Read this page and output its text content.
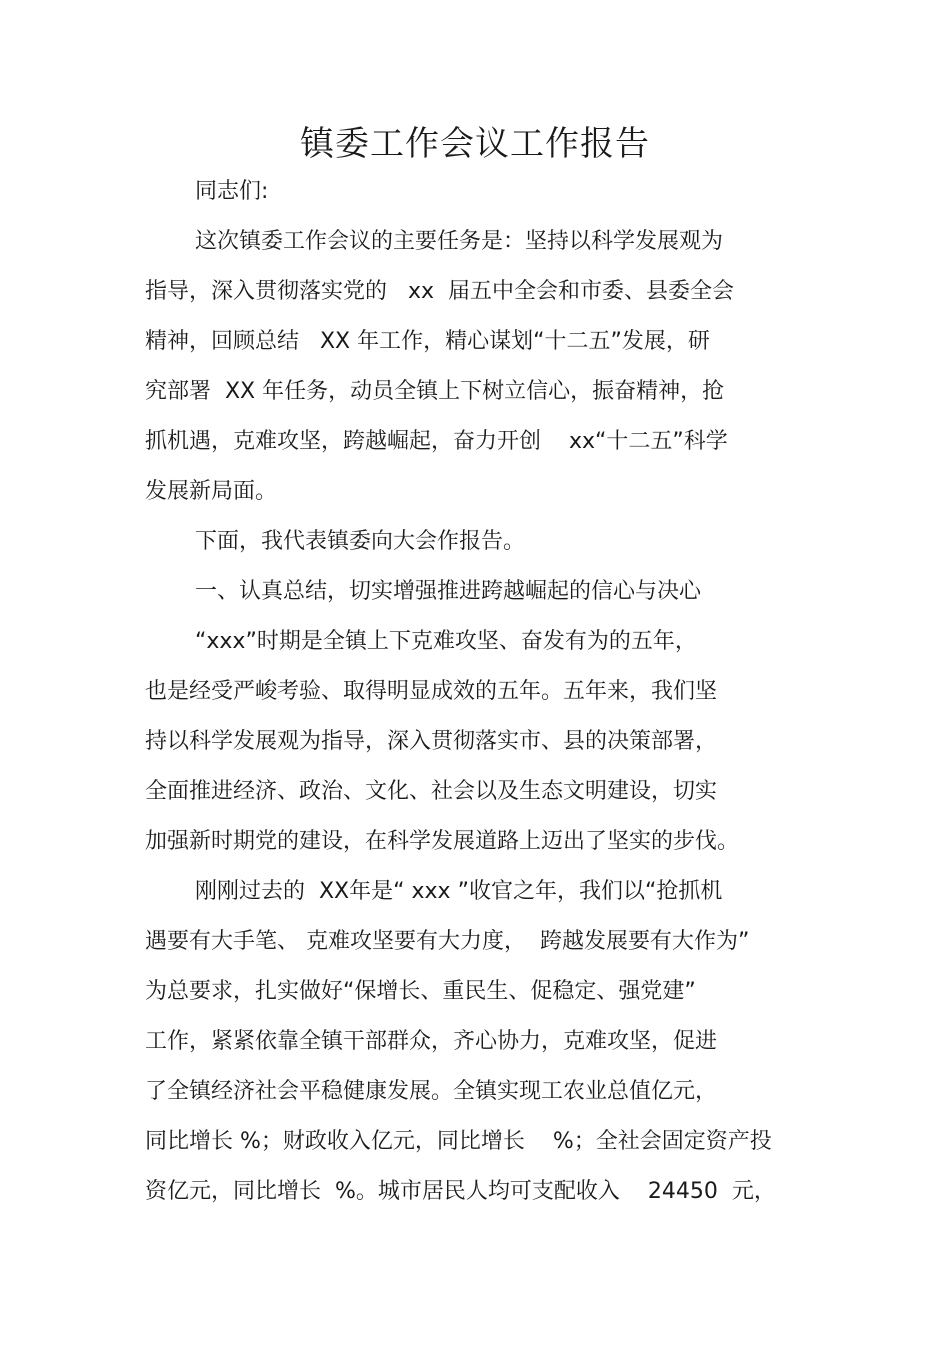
镇委工作会议工作报告
同志们:
这次镇委工作会议的主要任务是：坚持以科学发展观为
指导，深入贯彻落实党的   xx  届五中全会和市委、县委全会
精神，回顾总结   XX 年工作，精心谋划“十二五”发展，研
究部署  XX 年任务，动员全镇上下树立信心，振奋精神，抢
抓机遇，克难攻坚，跨越崛起，奋力开创    xx“十二五”科学
发展新局面。
下面，我代表镇委向大会作报告。
一、认真总结，切实增强推进跨越崛起的信心与决心
“xxx”时期是全镇上下克难攻坚、奋发有为的五年，
也是经受严峻考验、取得明显成效的五年。五年来，我们坚
持以科学发展观为指导，深入贯彻落实市、县的决策部署，
全面推进经济、政治、文化、社会以及生态文明建设，切实
加强新时期党的建设，在科学发展道路上迈出了坚实的步伐。
刚刚过去的  XX年是“ xxx ”收官之年，我们以“抢抓机
遇要有大手笔、 克难攻坚要有大力度，  跨越发展要有大作为”
为总要求，扎实做好“保增长、重民生、促稳定、强党建”
工作，紧紧依靠全镇干部群众，齐心协力，克难攻坚，促进
了全镇经济社会平稳健康发展。全镇实现工农业总值亿元，
同比增长 %；财政收入亿元，同比增长    %；全社会固定资产投
资亿元，同比增长  %。城市居民人均可支配收入    24450  元，
